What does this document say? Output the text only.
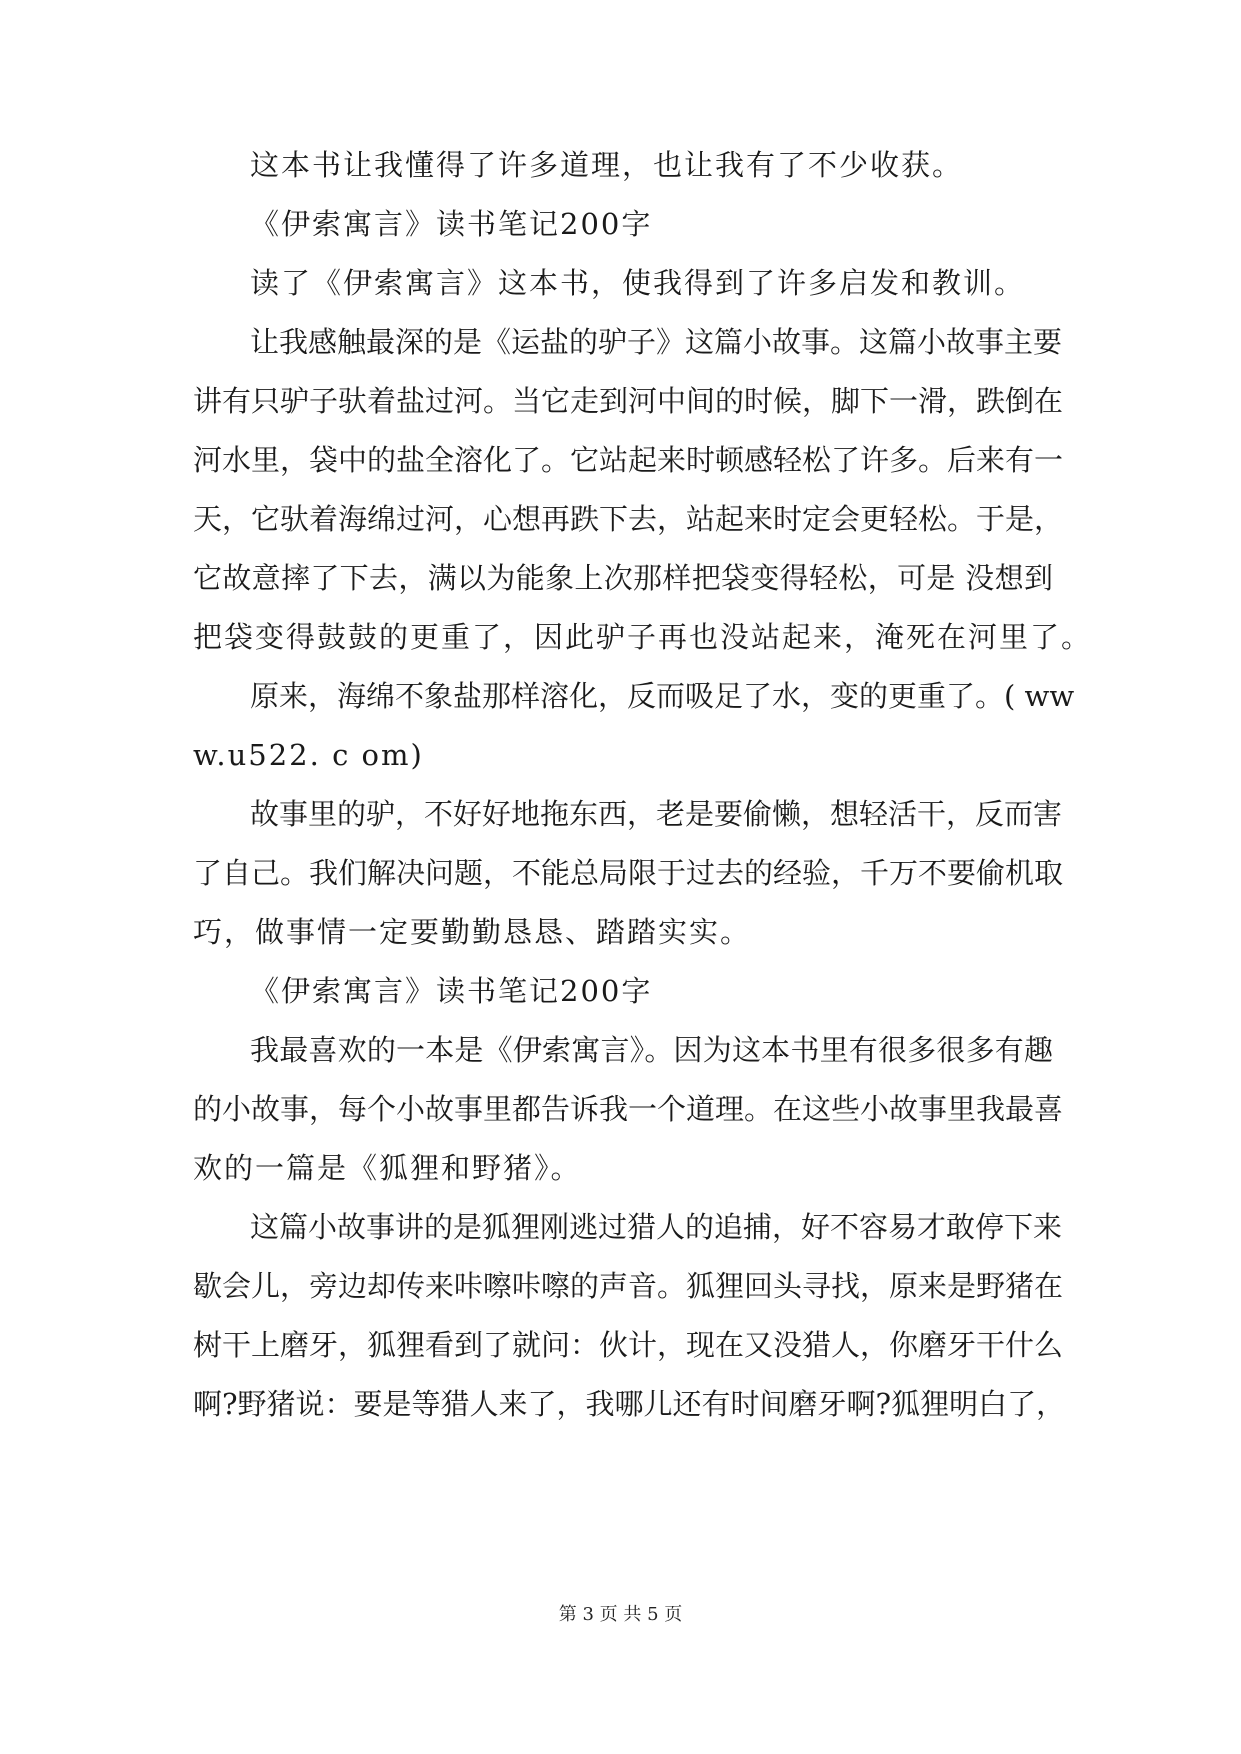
这本书让我懂得了许多道理，也让我有了不少收获。
《伊索寓言》读书笔记200字
读了《伊索寓言》这本书，使我得到了许多启发和教训。
让我感触最深的是《运盐的驴子》这篇小故事。这篇小故事主要
讲有只驴子驮着盐过河。当它走到河中间的时候，脚下一滑，跌倒在
河水里，袋中的盐全溶化了。它站起来时顿感轻松了许多。后来有一
天，它驮着海绵过河，心想再跌下去，站起来时定会更轻松。于是，
它故意摔了下去，满以为能象上次那样把袋变得轻松，可是 没想到
把袋变得鼓鼓的更重了，因此驴子再也没站起来，淹死在河里了。
原来，海绵不象盐那样溶化，反而吸足了水，变的更重了。( ww
w.u522. c om)
故事里的驴，不好好地拖东西，老是要偷懒，想轻活干，反而害
了自己。我们解决问题，不能总局限于过去的经验，千万不要偷机取
巧，做事情一定要勤勤恳恳、踏踏实实。
《伊索寓言》读书笔记200字
我最喜欢的一本是《伊索寓言》。因为这本书里有很多很多有趣
的小故事，每个小故事里都告诉我一个道理。在这些小故事里我最喜
欢的一篇是《狐狸和野猪》。
这篇小故事讲的是狐狸刚逃过猎人的追捕，好不容易才敢停下来
歇会儿，旁边却传来咔嚓咔嚓的声音。狐狸回头寻找，原来是野猪在
树干上磨牙，狐狸看到了就问：伙计，现在又没猎人，你磨牙干什么
啊?野猪说：要是等猎人来了，我哪儿还有时间磨牙啊?狐狸明白了，
第 3 页 共 5 页
